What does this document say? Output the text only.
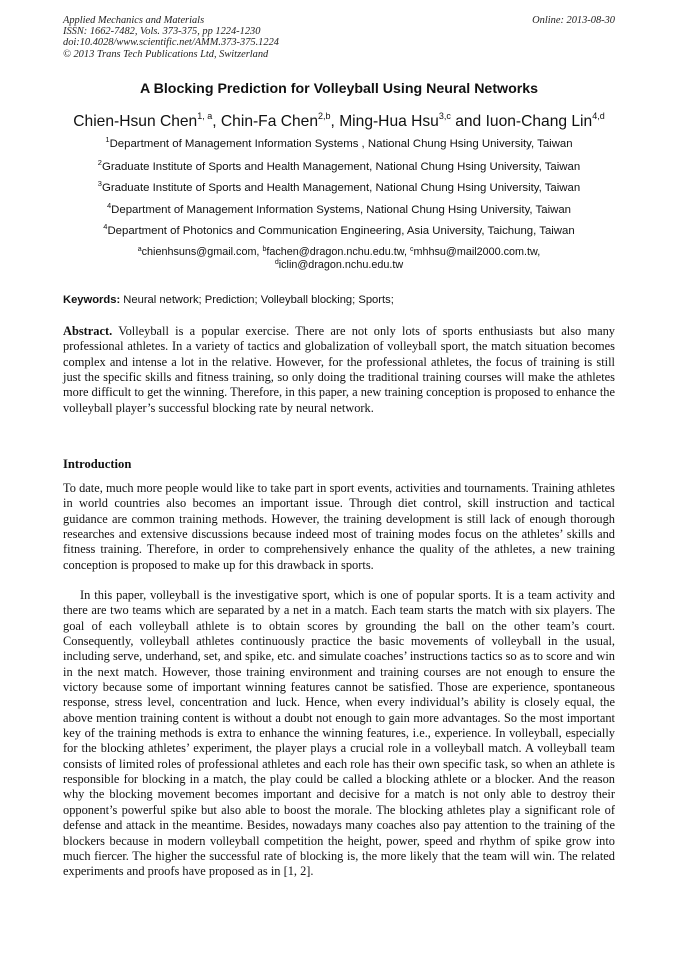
Applied Mechanics and Materials
ISSN: 1662-7482, Vols. 373-375, pp 1224-1230
doi:10.4028/www.scientific.net/AMM.373-375.1224
© 2013 Trans Tech Publications Ltd, Switzerland
Online: 2013-08-30
A Blocking Prediction for Volleyball Using Neural Networks
Chien-Hsun Chen$^{1, a}$, Chin-Fa Chen$^{2,b}$, Ming-Hua Hsu$^{3,c}$ and Iuon-Chang Lin$^{4,d}$
$^1$Department of Management Information Systems , National Chung Hsing University, Taiwan
$^2$Graduate Institute of Sports and Health Management, National Chung Hsing University, Taiwan
$^3$Graduate Institute of Sports and Health Management, National Chung Hsing University, Taiwan
$^4$Department of Management Information Systems, National Chung Hsing University, Taiwan
$^4$Department of Photonics and Communication Engineering, Asia University, Taichung, Taiwan
$^a$chienhsuns@gmail.com, $^b$fachen@dragon.nchu.edu.tw, $^c$mhhsu@mail2000.com.tw,
$^d$iclin@dragon.nchu.edu.tw
Keywords: Neural network; Prediction; Volleyball blocking; Sports;
Abstract. Volleyball is a popular exercise. There are not only lots of sports enthusiasts but also many professional athletes. In a variety of tactics and globalization of volleyball sport, the match situation becomes complex and intense a lot in the relative. However, for the professional athletes, the focus of training is still just the specific skills and fitness training, so only doing the traditional training courses will make the athletes more difficult to get the winning. Therefore, in this paper, a new training conception is proposed to enhance the volleyball player’s successful blocking rate by neural network.
Introduction
To date, much more people would like to take part in sport events, activities and tournaments. Training athletes in world countries also becomes an important issue. Through diet control, skill instruction and tactical guidance are common training methods. However, the training development is still lack of enough thorough researches and extensive discussions because indeed most of training modes focus on the athletes’ skills and fitness training. Therefore, in order to comprehensively enhance the quality of the athletes, a new training conception is proposed to make up for this drawback in sports.
In this paper, volleyball is the investigative sport, which is one of popular sports. It is a team activity and there are two teams which are separated by a net in a match. Each team starts the match with six players. The goal of each volleyball athlete is to obtain scores by grounding the ball on the other team’s court. Consequently, volleyball athletes continuously practice the basic movements of volleyball in the usual, including serve, underhand, set, and spike, etc. and simulate coaches’ instructions tactics so as to score and win in the next match. However, those training environment and training courses are not enough to ensure the victory because some of important winning features cannot be satisfied. Those are experience, spontaneous response, stress level, concentration and luck. Hence, when every individual’s ability is closely equal, the above mention training content is without a doubt not enough to gain more advantages. So the most important key of the training methods is extra to enhance the winning features, i.e., experience. In volleyball, especially for the blocking athletes’ experiment, the player plays a crucial role in a volleyball match. A volleyball team consists of limited roles of professional athletes and each role has their own specific task, so when an athlete is responsible for blocking in a match, the play could be called a blocking athlete or a blocker. And the reason why the blocking movement becomes important and decisive for a match is not only able to destroy their opponent’s powerful spike but also able to boost the morale. The blocking athletes play a significant role of defense and attack in the meantime. Besides, nowadays many coaches also pay attention to the training of the blockers because in modern volleyball competition the height, power, speed and rhythm of spike grow into much fiercer. The higher the successful rate of blocking is, the more likely that the team will win. The related experiments and proofs have proposed as in [1, 2].
